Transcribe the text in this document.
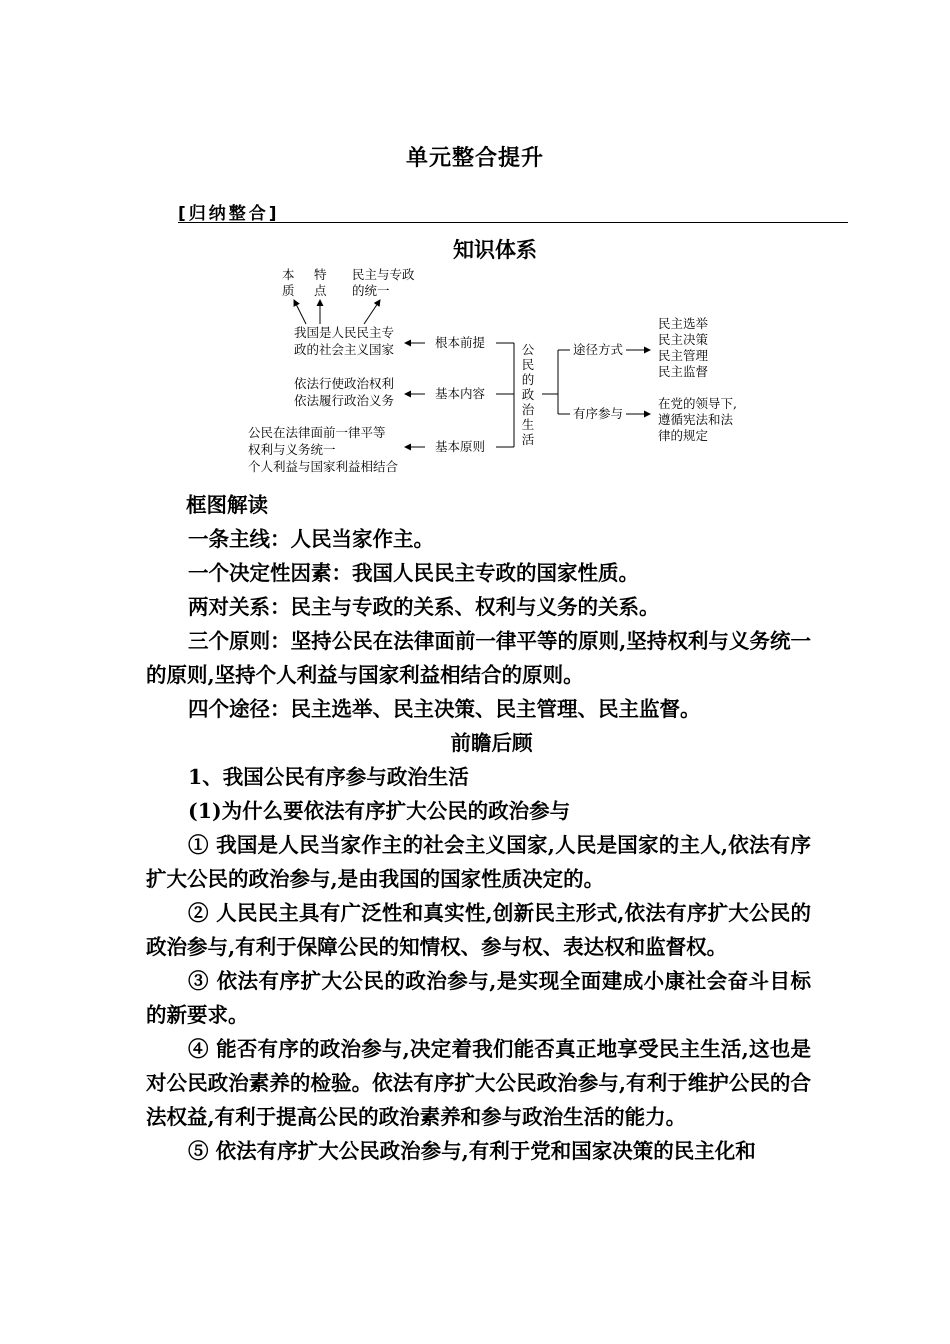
单元整合提升
[归纳整合]
知识体系
本质
特点
民主与专政的统一
我国是人民民主专
政的社会主义国家	根本前提
依法行使政治权利
依法履行政治义务	基本内容
公民在法律面前一律平等
权利与义务统一
个人利益与国家利益相结合
基本原则
公民的政治生活
途径方式
民主选举
民主决策
民主管理
民主监督
有序参与
在党的领导下,
遵循宪法和法
律的规定

框图解读

一条主线：人民当家作主。

一个决定性因素：我国人民民主专政的国家性质。

两对关系：民主与专政的关系、权利与义务的关系。

三个原则：坚持公民在法律面前一律平等的原则,坚持权利与义务统一的原则,坚持个人利益与国家利益相结合的原则。

四个途径：民主选举、民主决策、民主管理、民主监督。

前瞻后顾

1、我国公民有序参与政治生活

(1)为什么要依法有序扩大公民的政治参与

① 我国是人民当家作主的社会主义国家,人民是国家的主人,依法有序扩大公民的政治参与,是由我国的国家性质决定的。

② 人民民主具有广泛性和真实性,创新民主形式,依法有序扩大公民的政治参与,有利于保障公民的知情权、参与权、表达权和监督权。

③ 依法有序扩大公民的政治参与,是实现全面建成小康社会奋斗目标的新要求。

④ 能否有序的政治参与,决定着我们能否真正地享受民主生活,这也是对公民政治素养的检验。依法有序扩大公民政治参与,有利于维护公民的合法权益,有利于提高公民的政治素养和参与政治生活的能力。

⑤ 依法有序扩大公民政治参与,有利于党和国家决策的民主化和
